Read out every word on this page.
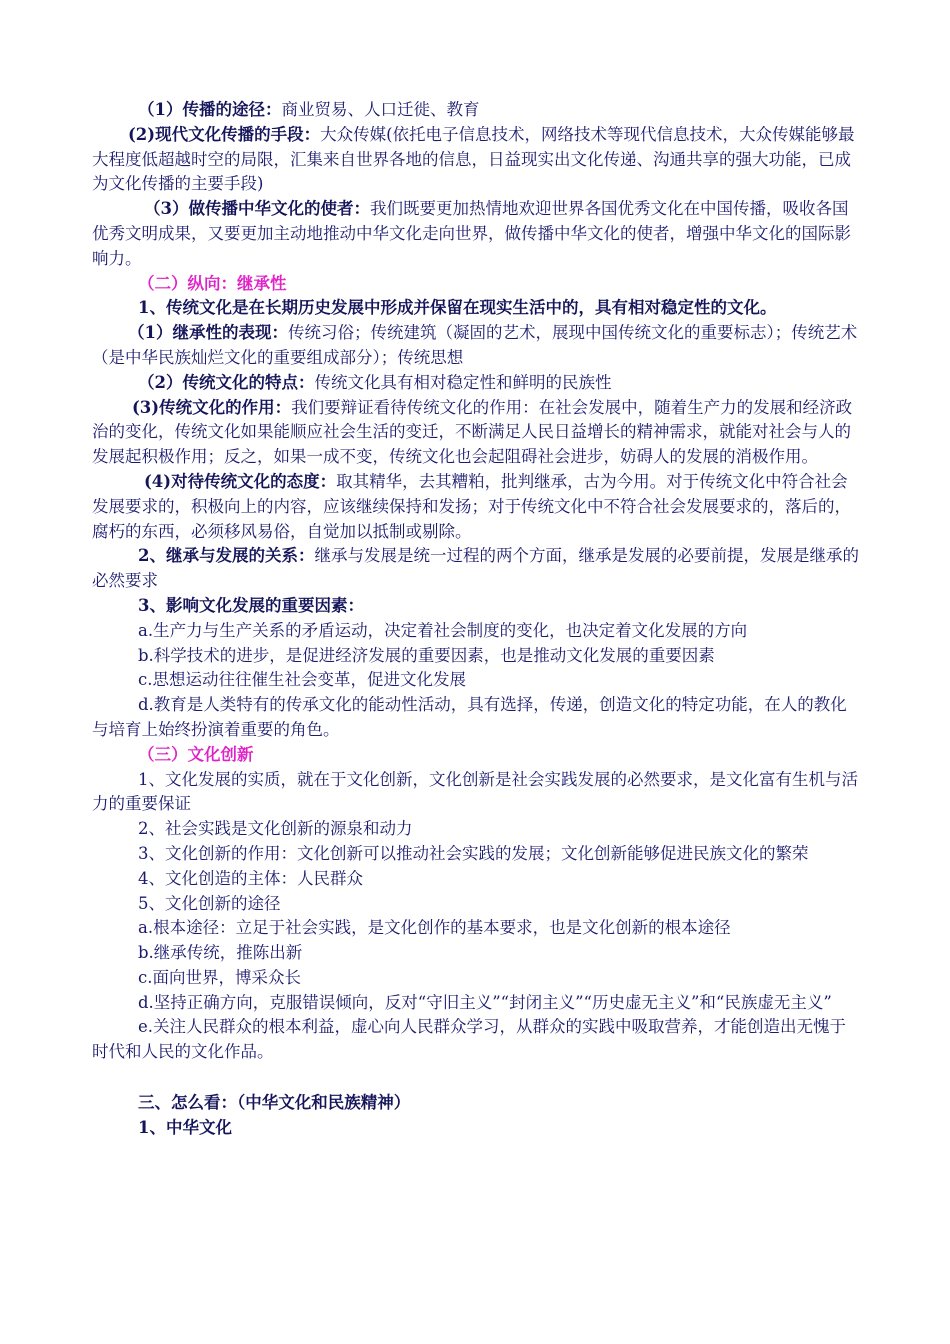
（1）传播的途径：商业贸易、人口迁徙、教育

(2)现代文化传播的手段：大众传媒(依托电子信息技术，网络技术等现代信息技术，大众传媒能够最大程度低超越时空的局限，汇集来自世界各地的信息，日益现实出文化传递、沟通共享的强大功能，已成为文化传播的主要手段)

（3）做传播中华文化的使者：我们既要更加热情地欢迎世界各国优秀文化在中国传播，吸收各国优秀文明成果，又要更加主动地推动中华文化走向世界，做传播中华文化的使者，增强中华文化的国际影响力。

（二）纵向：继承性

1、传统文化是在长期历史发展中形成并保留在现实生活中的，具有相对稳定性的文化。

（1）继承性的表现：传统习俗；传统建筑（凝固的艺术，展现中国传统文化的重要标志）；传统艺术（是中华民族灿烂文化的重要组成部分）；传统思想

（2）传统文化的特点：传统文化具有相对稳定性和鲜明的民族性

(3)传统文化的作用：我们要辩证看待传统文化的作用：在社会发展中，随着生产力的发展和经济政治的变化，传统文化如果能顺应社会生活的变迁，不断满足人民日益增长的精神需求，就能对社会与人的发展起积极作用；反之，如果一成不变，传统文化也会起阻碍社会进步，妨碍人的发展的消极作用。

(4)对待传统文化的态度：取其精华，去其糟粕，批判继承，古为今用。对于传统文化中符合社会发展要求的，积极向上的内容，应该继续保持和发扬；对于传统文化中不符合社会发展要求的，落后的，腐朽的东西，必须移风易俗，自觉加以抵制或剔除。

2、继承与发展的关系：继承与发展是统一过程的两个方面，继承是发展的必要前提，发展是继承的必然要求

3、影响文化发展的重要因素：

a.生产力与生产关系的矛盾运动，决定着社会制度的变化，也决定着文化发展的方向

b.科学技术的进步，是促进经济发展的重要因素，也是推动文化发展的重要因素

c.思想运动往往催生社会变革，促进文化发展

d.教育是人类特有的传承文化的能动性活动，具有选择，传递，创造文化的特定功能，在人的教化与培育上始终扮演着重要的角色。

（三）文化创新

1、文化发展的实质，就在于文化创新，文化创新是社会实践发展的必然要求，是文化富有生机与活力的重要保证

2、社会实践是文化创新的源泉和动力

3、文化创新的作用：文化创新可以推动社会实践的发展；文化创新能够促进民族文化的繁荣

4、文化创造的主体：人民群众

5、文化创新的途径

a.根本途径：立足于社会实践，是文化创作的基本要求，也是文化创新的根本途径

b.继承传统，推陈出新

c.面向世界，博采众长

d.坚持正确方向，克服错误倾向，反对“守旧主义”“封闭主义”“历史虚无主义”和“民族虚无主义”

e.关注人民群众的根本利益，虚心向人民群众学习，从群众的实践中吸取营养，才能创造出无愧于时代和人民的文化作品。

三、怎么看：（中华文化和民族精神）

1、中华文化
